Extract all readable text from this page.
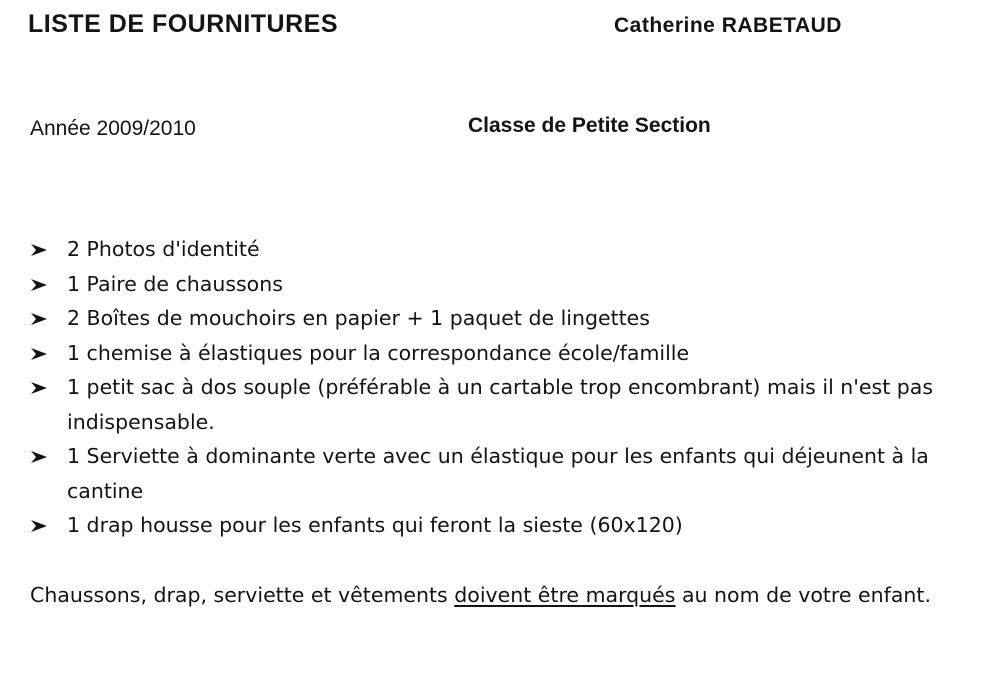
LISTE DE FOURNITURES	Catherine RABETAUD
Année 2009/2010	Classe de Petite Section
2 Photos d'identité
1 Paire de chaussons
2 Boîtes de mouchoirs en papier + 1 paquet de lingettes
1 chemise à élastiques pour la correspondance école/famille
1 petit sac à dos souple (préférable à un cartable trop encombrant) mais il n'est pas indispensable.
1 Serviette à dominante verte avec un élastique pour les enfants qui déjeunent à la cantine
1 drap housse pour les enfants qui feront la sieste (60x120)

Chaussons, drap, serviette et vêtements doivent être marqués au nom de votre enfant.
